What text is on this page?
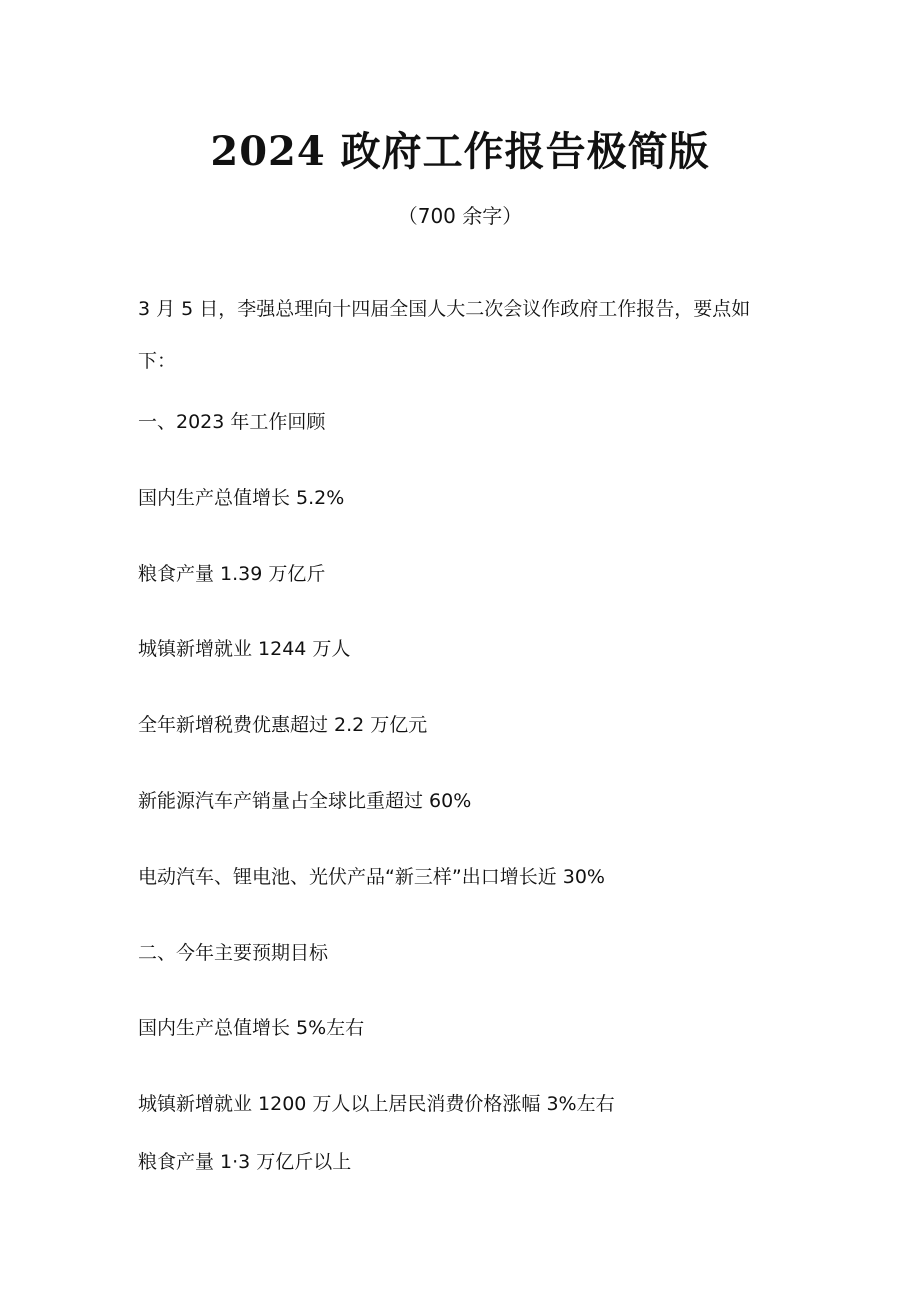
2024 政府工作报告极简版
（700 余字）
3 月 5 日，李强总理向十四届全国人大二次会议作政府工作报告，要点如下：
一、2023 年工作回顾
国内生产总值增长 5.2%
粮食产量 1.39 万亿斤
城镇新增就业 1244 万人
全年新增税费优惠超过 2.2 万亿元
新能源汽车产销量占全球比重超过 60%
电动汽车、锂电池、光伏产品“新三样”出口增长近 30%
二、今年主要预期目标
国内生产总值增长 5%左右
城镇新增就业 1200 万人以上居民消费价格涨幅 3%左右
粮食产量 1·3 万亿斤以上
